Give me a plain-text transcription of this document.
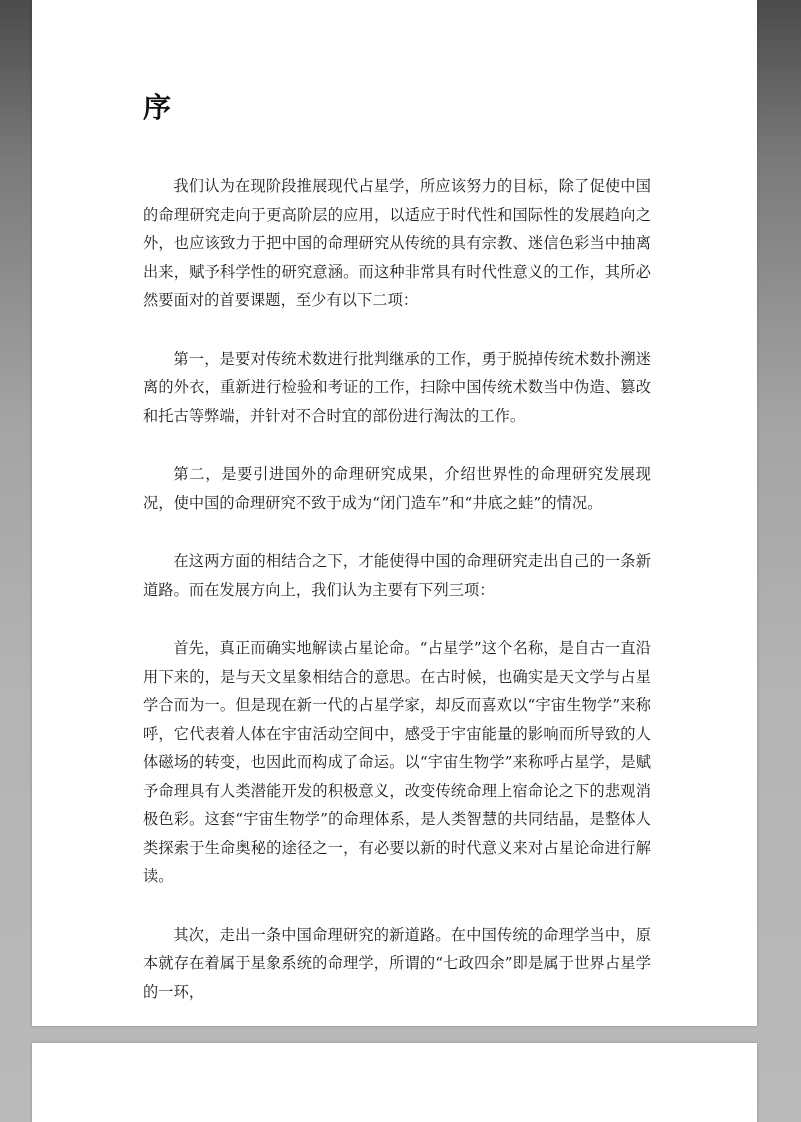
序

我们认为在现阶段推展现代占星学，所应该努力的目标，除了促使中国的命理研究走向于更高阶层的应用，以适应于时代性和国际性的发展趋向之外，也应该致力于把中国的命理研究从传统的具有宗教、迷信色彩当中抽离出来，赋予科学性的研究意涵。而这种非常具有时代性意义的工作，其所必然要面对的首要课题，至少有以下二项：

第一，是要对传统术数进行批判继承的工作，勇于脱掉传统术数扑溯迷离的外衣，重新进行检验和考证的工作，扫除中国传统术数当中伪造、篡改和托古等弊端，并针对不合时宜的部份进行淘汰的工作。

第二，是要引进国外的命理研究成果，介绍世界性的命理研究发展现况，使中国的命理研究不致于成为“闭门造车”和“井底之蛙”的情况。

在这两方面的相结合之下，才能使得中国的命理研究走出自己的一条新道路。而在发展方向上，我们认为主要有下列三项：

首先，真正而确实地解读占星论命。“占星学”这个名称，是自古一直沿用下来的，是与天文星象相结合的意思。在古时候，也确实是天文学与占星学合而为一。但是现在新一代的占星学家，却反而喜欢以“宇宙生物学”来称呼，它代表着人体在宇宙活动空间中，感受于宇宙能量的影响而所导致的人体磁场的转变，也因此而构成了命运。以“宇宙生物学”来称呼占星学，是赋予命理具有人类潜能开发的积极意义，改变传统命理上宿命论之下的悲观消极色彩。这套“宇宙生物学”的命理体系，是人类智慧的共同结晶，是整体人类探索于生命奥秘的途径之一，有必要以新的时代意义来对占星论命进行解读。

其次，走出一条中国命理研究的新道路。在中国传统的命理学当中，原本就存在着属于星象系统的命理学，所谓的“七政四余”即是属于世界占星学的一环，
